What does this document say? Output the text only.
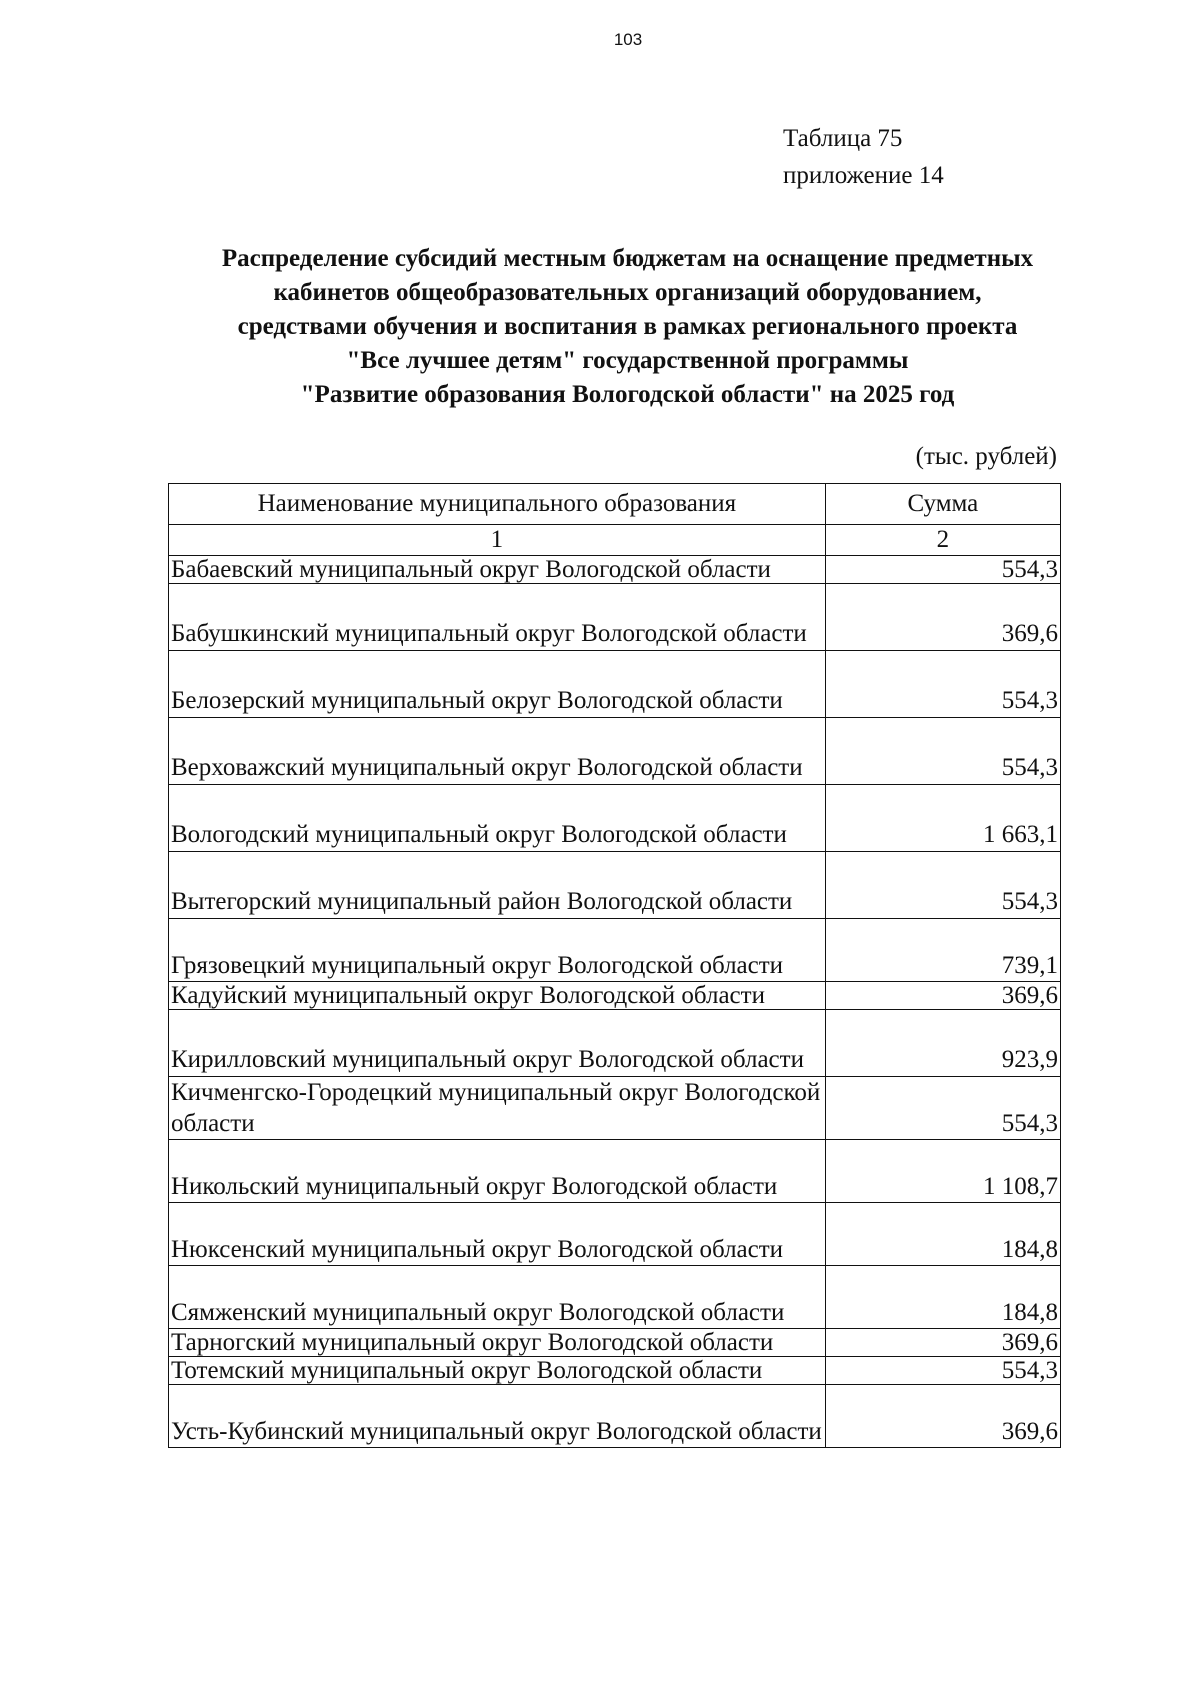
103
Таблица 75
приложение 14
Распределение субсидий местным бюджетам на оснащение предметных
кабинетов общеобразовательных организаций оборудованием,
средствами обучения и воспитания в рамках регионального проекта
"Все лучшее детям" государственной программы
"Развитие образования Вологодской области" на 2025 год
(тыс. рублей)
Наименование муниципального образования	Сумма
1	2
Бабаевский муниципальный округ Вологодской области	554,3
Бабушкинский муниципальный округ Вологодской области	369,6
Белозерский муниципальный округ Вологодской области	554,3
Верховажский муниципальный округ Вологодской области	554,3
Вологодский муниципальный округ Вологодской области	1 663,1
Вытегорский муниципальный район Вологодской области	554,3
Грязовецкий муниципальный округ Вологодской области	739,1
Кадуйский муниципальный округ Вологодской области	369,6
Кирилловский муниципальный округ Вологодской области	923,9
Кичменгско-Городецкий муниципальный округ Вологодской области	554,3
Никольский муниципальный округ Вологодской области	1 108,7
Нюксенский муниципальный округ Вологодской области	184,8
Сямженский муниципальный округ Вологодской области	184,8
Тарногский муниципальный округ Вологодской области	369,6
Тотемский муниципальный округ Вологодской области	554,3
Усть-Кубинский муниципальный округ Вологодской области	369,6
